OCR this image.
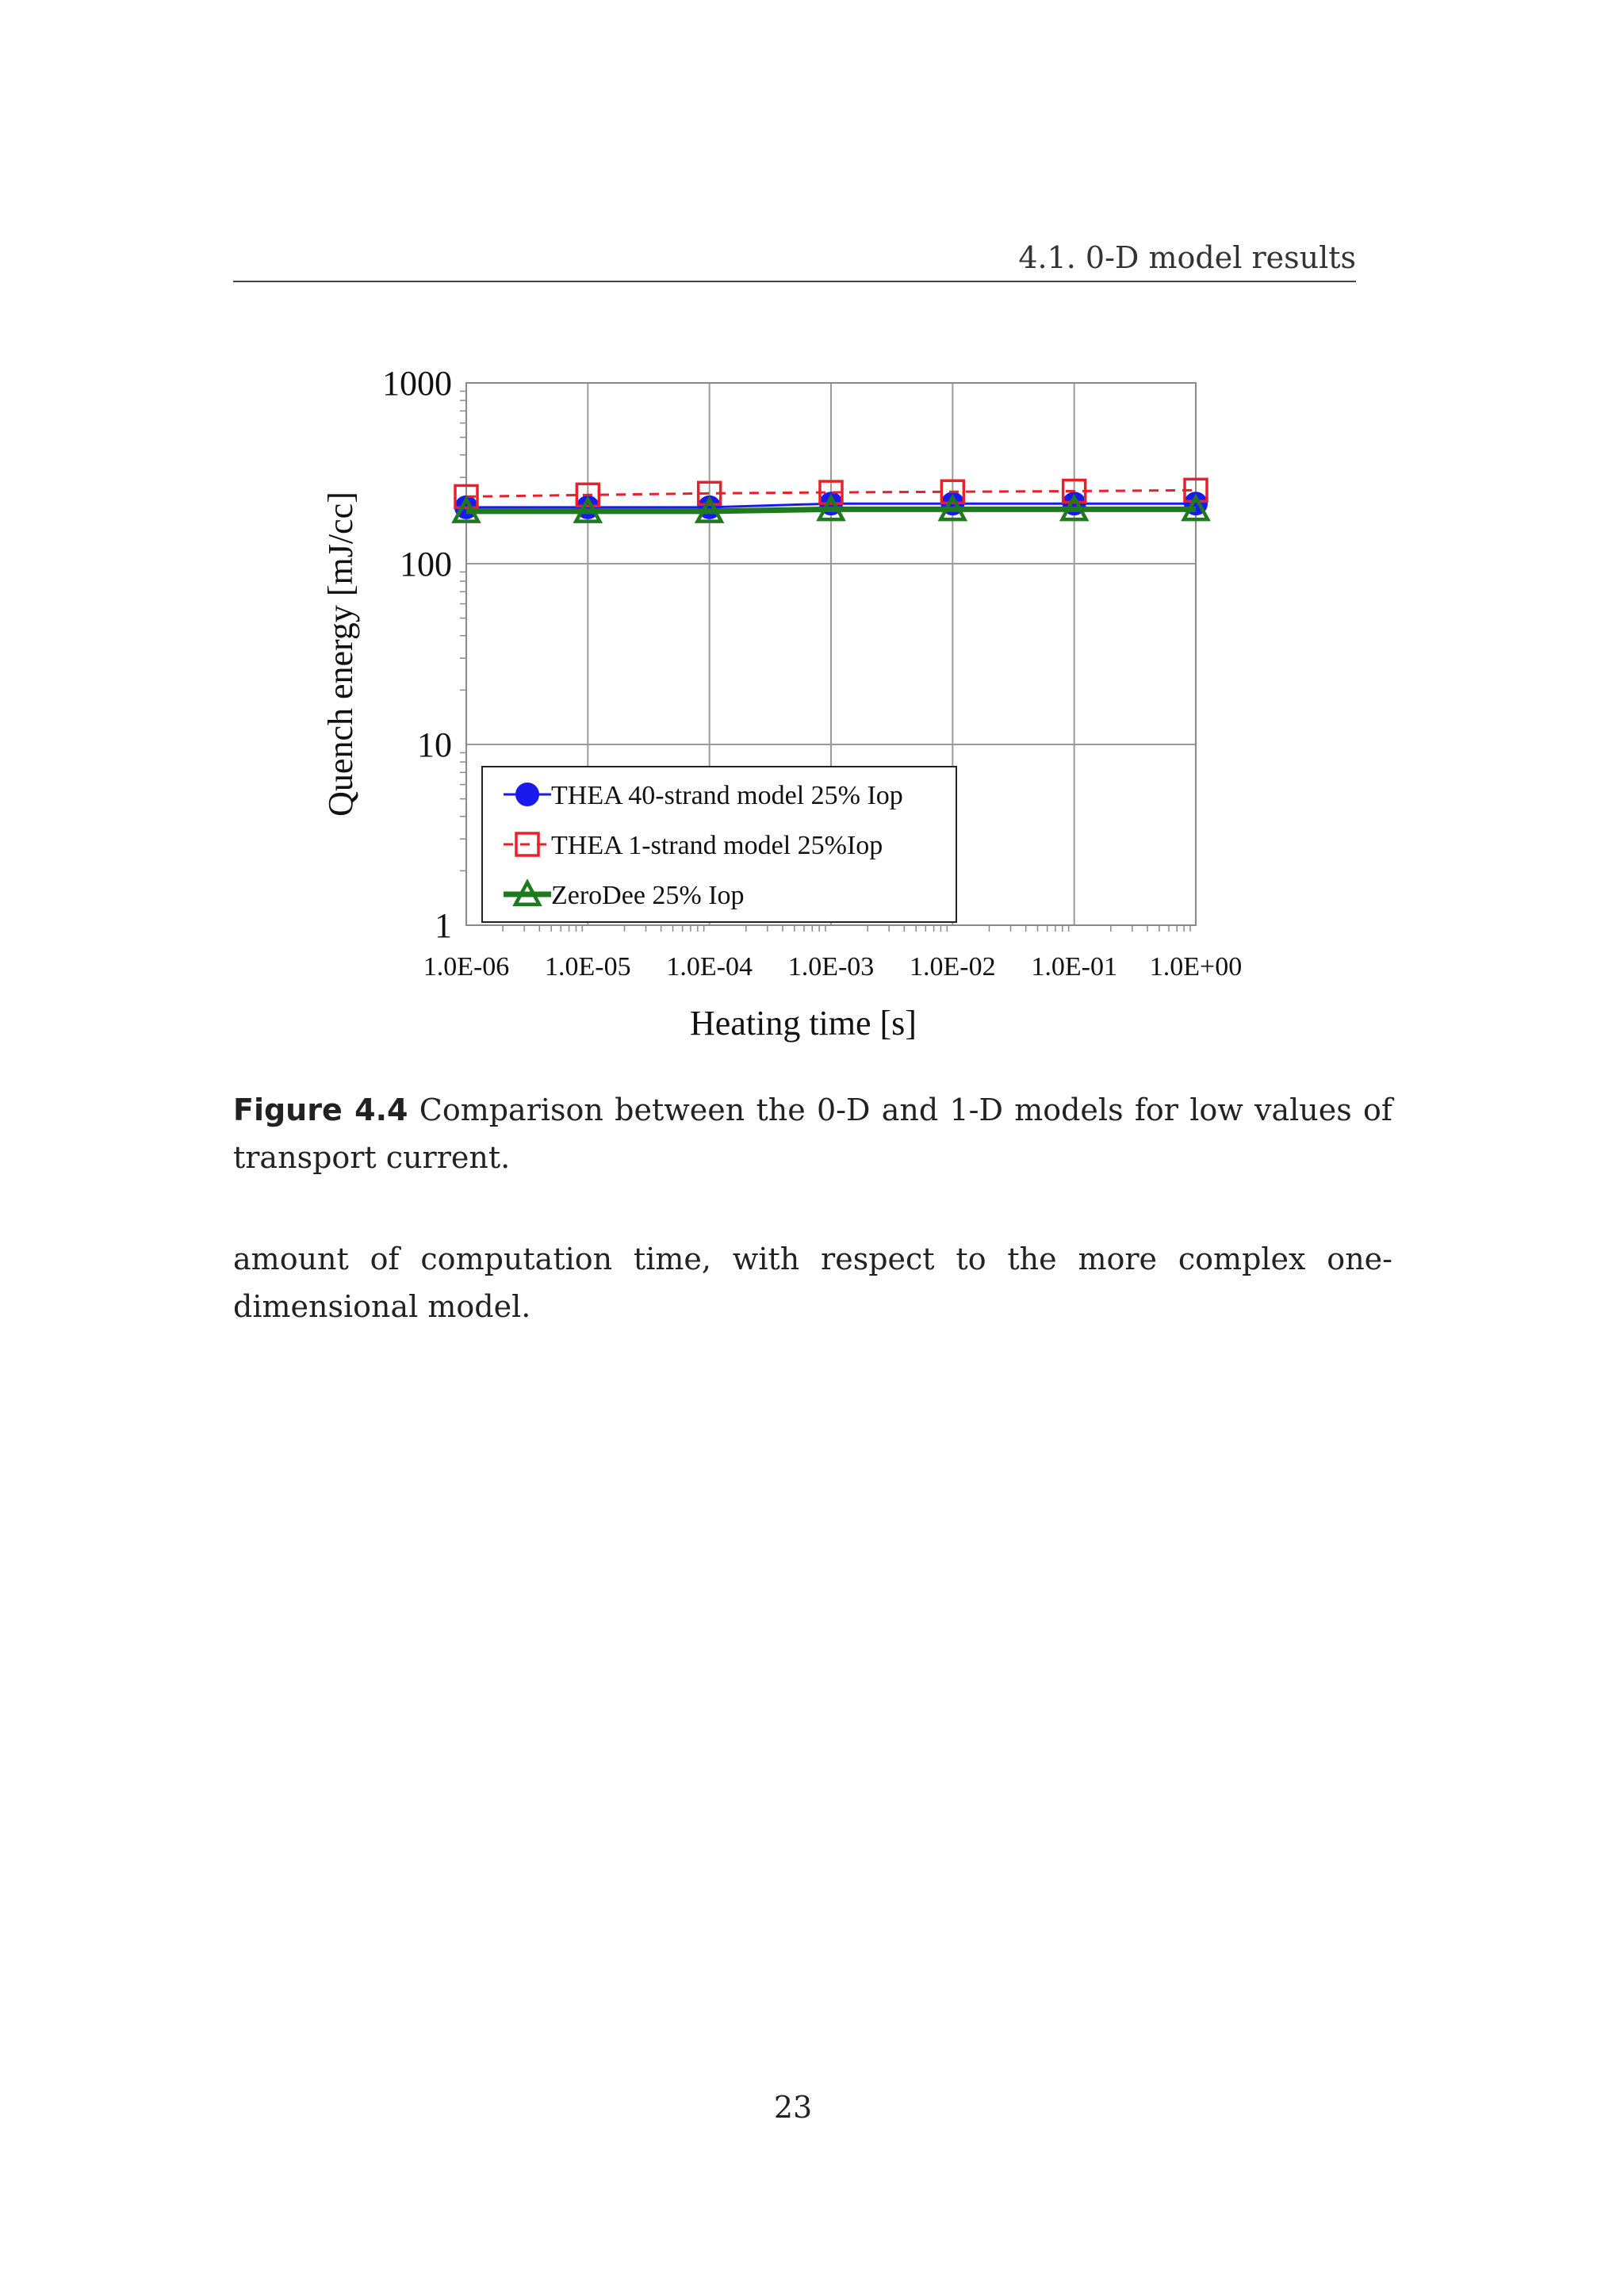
4.1. 0-D model results
1
10
100
1000
1.0E-06 1.0E-05 1.0E-04 1.0E-03 1.0E-02 1.0E-01 1.0E+00
Heating time [s]
Quench energy [mJ/cc]	THEA 40-strand model 25% Iop
THEA 1-strand model 25%Iop
ZeroDee 25% Iop
Figure 4.4 Comparison between the 0-D and 1-D models for low values of transport current.
amount of computation time, with respect to the more complex one-dimensional model.
23
